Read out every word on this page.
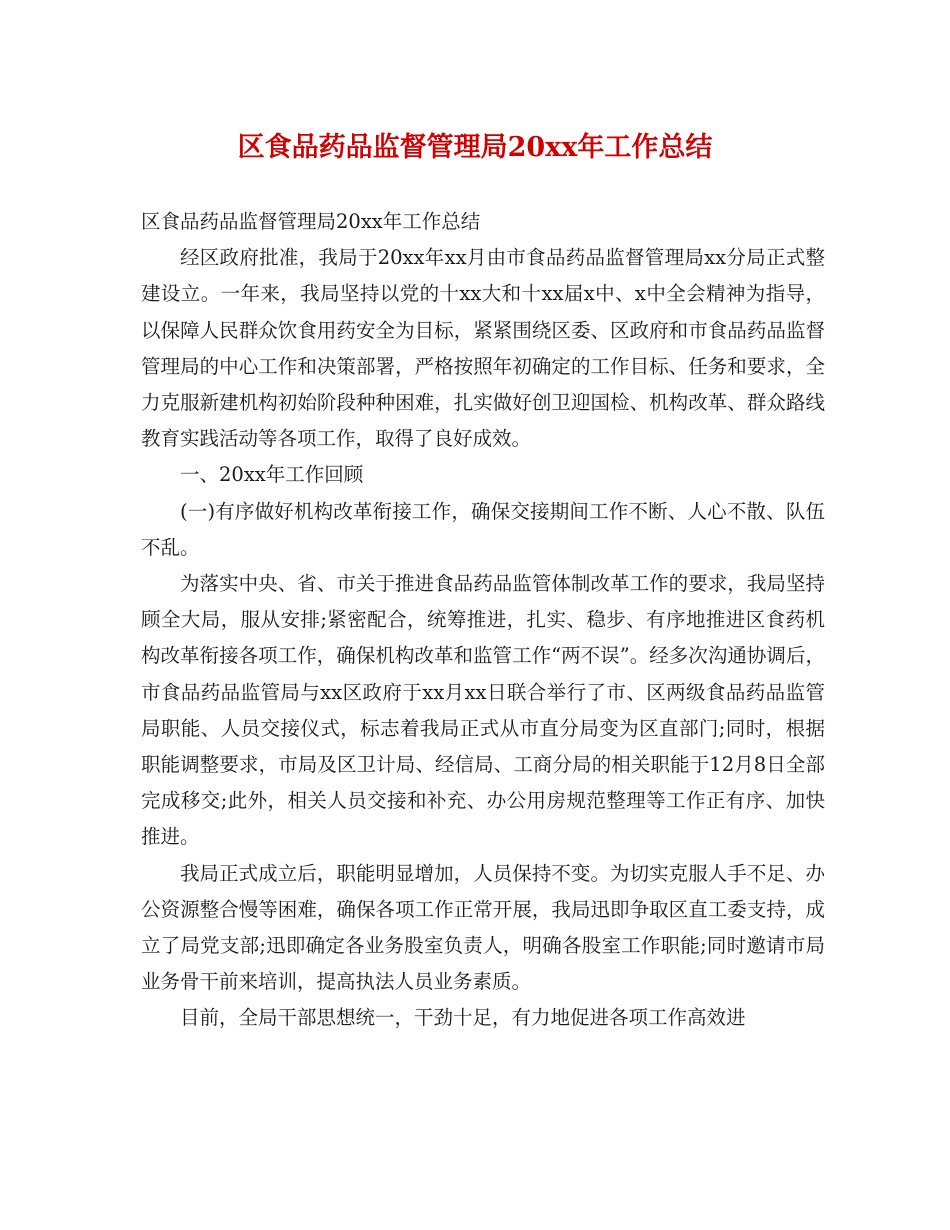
区食品药品监督管理局20xx年工作总结

区食品药品监督管理局20xx年工作总结

经区政府批准，我局于20xx年xx月由市食品药品监督管理局xx分局正式整建设立。一年来，我局坚持以党的十xx大和十xx届x中、x中全会精神为指导，以保障人民群众饮食用药安全为目标，紧紧围绕区委、区政府和市食品药品监督管理局的中心工作和决策部署，严格按照年初确定的工作目标、任务和要求，全力克服新建机构初始阶段种种困难，扎实做好创卫迎国检、机构改革、群众路线教育实践活动等各项工作，取得了良好成效。

一、20xx年工作回顾

(一)有序做好机构改革衔接工作，确保交接期间工作不断、人心不散、队伍不乱。

为落实中央、省、市关于推进食品药品监管体制改革工作的要求，我局坚持顾全大局，服从安排;紧密配合，统筹推进，扎实、稳步、有序地推进区食药机构改革衔接各项工作，确保机构改革和监管工作“两不误”。经多次沟通协调后，市食品药品监管局与xx区政府于xx月xx日联合举行了市、区两级食品药品监管局职能、人员交接仪式，标志着我局正式从市直分局变为区直部门;同时，根据职能调整要求，市局及区卫计局、经信局、工商分局的相关职能于12月8日全部完成移交;此外，相关人员交接和补充、办公用房规范整理等工作正有序、加快推进。

我局正式成立后，职能明显增加，人员保持不变。为切实克服人手不足、办公资源整合慢等困难，确保各项工作正常开展，我局迅即争取区直工委支持，成立了局党支部;迅即确定各业务股室负责人，明确各股室工作职能;同时邀请市局业务骨干前来培训，提高执法人员业务素质。

目前，全局干部思想统一，干劲十足，有力地促进各项工作高效进
